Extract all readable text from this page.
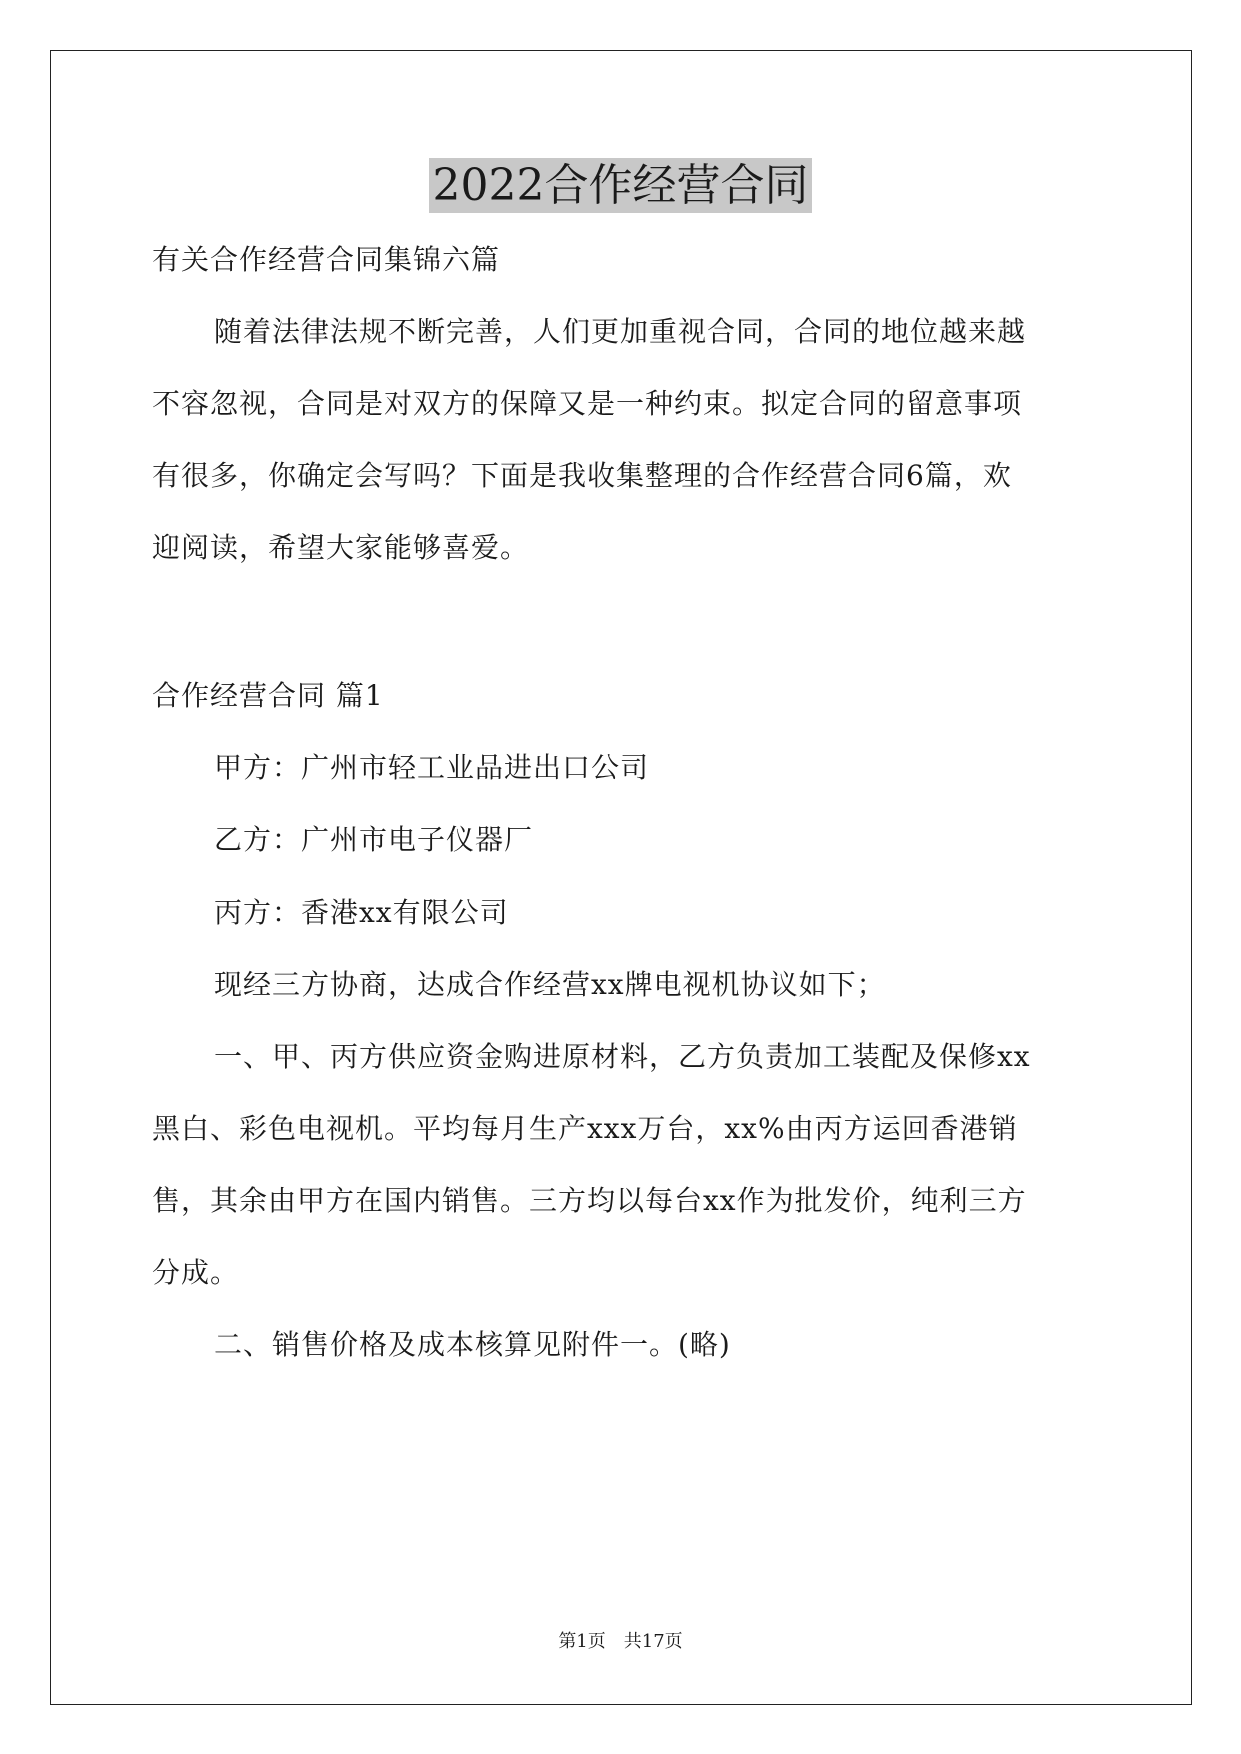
2022合作经营合同
有关合作经营合同集锦六篇
随着法律法规不断完善，人们更加重视合同，合同的地位越来越
不容忽视，合同是对双方的保障又是一种约束。拟定合同的留意事项
有很多，你确定会写吗？下面是我收集整理的合作经营合同6篇，欢
迎阅读，希望大家能够喜爱。
合作经营合同 篇1
甲方：广州市轻工业品进出口公司
乙方：广州市电子仪器厂
丙方：香港xx有限公司
现经三方协商，达成合作经营xx牌电视机协议如下；
一、甲、丙方供应资金购进原材料，乙方负责加工装配及保修xx
黑白、彩色电视机。平均每月生产xxx万台，xx%由丙方运回香港销
售，其余由甲方在国内销售。三方均以每台xx作为批发价，纯利三方
分成。
二、销售价格及成本核算见附件一。(略)
第1页　共17页
